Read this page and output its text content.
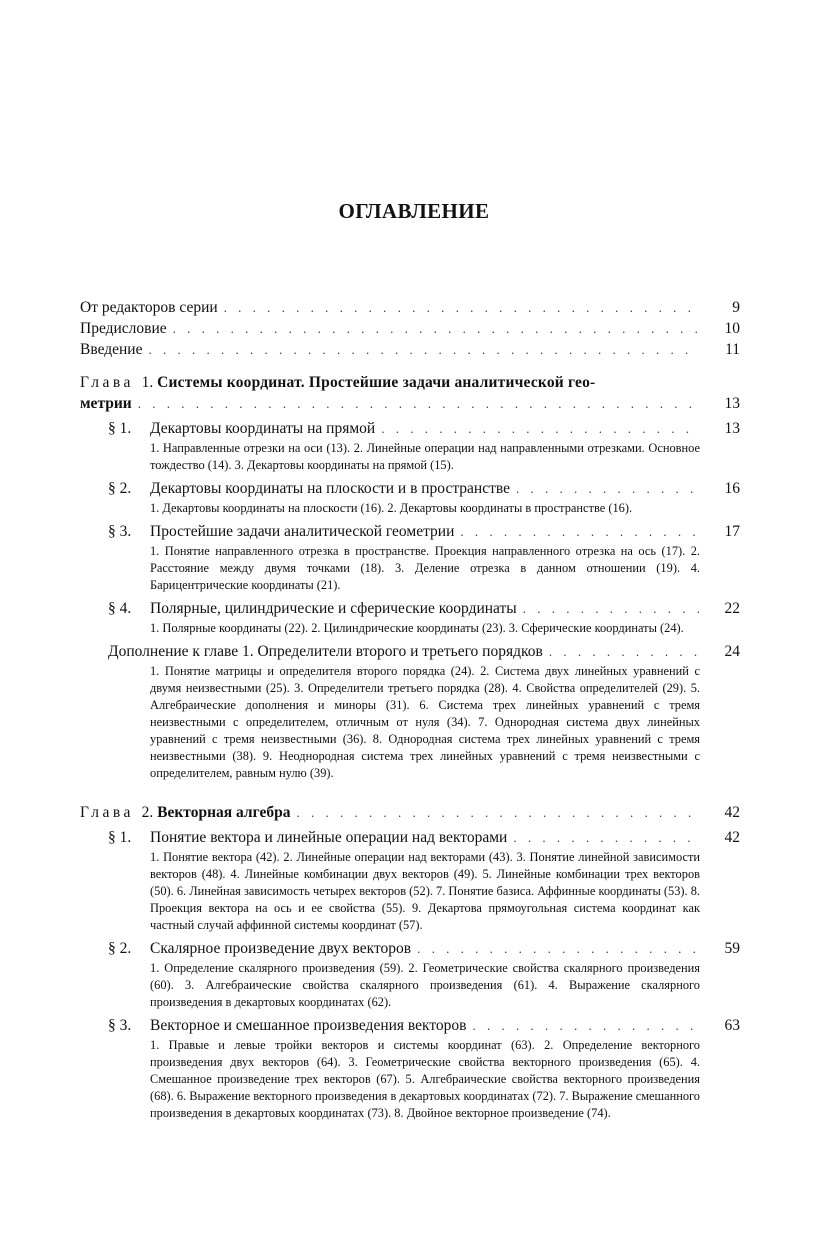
ОГЛАВЛЕНИЕ
От редакторов серии . . .	9
Предисловие . . .	10
Введение . . .	11
Глава 1. Системы координат. Простейшие задачи аналитической гео-
метрии . . .	13
§ 1. Декартовы координаты на прямой . . .	13
1. Направленные отрезки на оси (13). 2. Линейные операции над направленными отрезками. Основное тождество (14). 3. Декартовы координаты на прямой (15).
§ 2. Декартовы координаты на плоскости и в пространстве . . .	16
1. Декартовы координаты на плоскости (16). 2. Декартовы координаты в пространстве (16).
§ 3. Простейшие задачи аналитической геометрии . . .	17
1. Понятие направленного отрезка в пространстве. Проекция направленного отрезка на ось (17). 2. Расстояние между двумя точками (18). 3. Деление отрезка в данном отношении (19). 4. Барицентрические координаты (21).
§ 4. Полярные, цилиндрические и сферические координаты . . .	22
1. Полярные координаты (22). 2. Цилиндрические координаты (23). 3. Сферические координаты (24).
Дополнение к главе 1. Определители второго и третьего порядков . . .	24
1. Понятие матрицы и определителя второго порядка (24). 2. Система двух линейных уравнений с двумя неизвестными (25). 3. Определители третьего порядка (28). 4. Свойства определителей (29). 5. Алгебраические дополнения и миноры (31). 6. Система трех линейных уравнений с тремя неизвестными с определителем, отличным от нуля (34). 7. Однородная система двух линейных уравнений с тремя неизвестными (36). 8. Однородная система трех линейных уравнений с тремя неизвестными (38). 9. Неоднородная система трех линейных уравнений с тремя неизвестными с определителем, равным нулю (39).
Глава 2. Векторная алгебра . . .	42
§ 1. Понятие вектора и линейные операции над векторами . . .	42
1. Понятие вектора (42). 2. Линейные операции над векторами (43). 3. Понятие линейной зависимости векторов (48). 4. Линейные комбинации двух векторов (49). 5. Линейные комбинации трех векторов (50). 6. Линейная зависимость четырех векторов (52). 7. Понятие базиса. Аффинные координаты (53). 8. Проекция вектора на ось и ее свойства (55). 9. Декартова прямоугольная система координат как частный случай аффинной системы координат (57).
§ 2. Скалярное произведение двух векторов . . .	59
1. Определение скалярного произведения (59). 2. Геометрические свойства скалярного произведения (60). 3. Алгебраические свойства скалярного произведения (61). 4. Выражение скалярного произведения в декартовых координатах (62).
§ 3. Векторное и смешанное произведения векторов . . .	63
1. Правые и левые тройки векторов и системы координат (63). 2. Определение векторного произведения двух векторов (64). 3. Геометрические свойства векторного произведения (65). 4. Смешанное произведение трех векторов (67). 5. Алгебраические свойства векторного произведения (68). 6. Выражение векторного произведения в декартовых координатах (72). 7. Выражение смешанного произведения в декартовых координатах (73). 8. Двойное векторное произведение (74).
